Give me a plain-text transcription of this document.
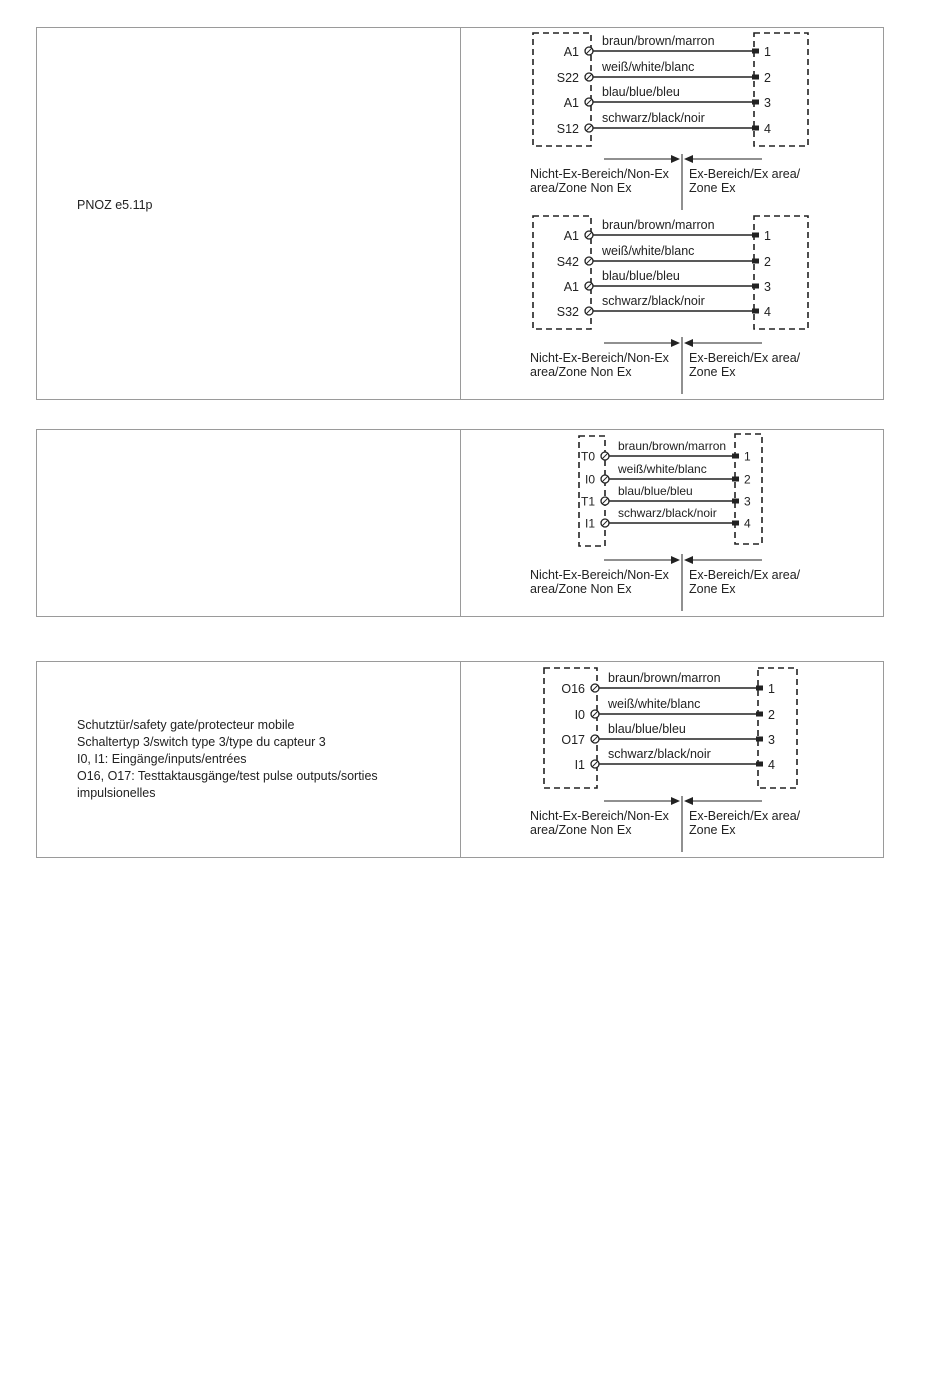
PNOZ e5.11p
A1
braun/brown/marron
1
S22
weiß/white/blanc
2
A1
blau/blue/bleu
3
S12
schwarz/black/noir
4
Nicht-Ex-Bereich/Non-Ex
area/Zone Non Ex
Ex-Bereich/Ex area/
Zone Ex
A1
braun/brown/marron
1
S42
weiß/white/blanc
2
A1
blau/blue/bleu
3
S32
schwarz/black/noir
4
Nicht-Ex-Bereich/Non-Ex
area/Zone Non Ex
Ex-Bereich/Ex area/
Zone Ex
T0
braun/brown/marron
1
I0
weiß/white/blanc
2
T1
blau/blue/bleu
3
I1
schwarz/black/noir
4
Nicht-Ex-Bereich/Non-Ex
area/Zone Non Ex
Ex-Bereich/Ex area/
Zone Ex
Schutztür/safety gate/protecteur mobile
Schaltertyp 3/switch type 3/type du capteur 3
I0, I1: Eingänge/inputs/entrées
O16, O17: Testtaktausgänge/test pulse outputs/sorties
impulsionelles
O16
braun/brown/marron
1
I0
weiß/white/blanc
2
O17
blau/blue/bleu
3
I1
schwarz/black/noir
4
Nicht-Ex-Bereich/Non-Ex
area/Zone Non Ex
Ex-Bereich/Ex area/
Zone Ex
